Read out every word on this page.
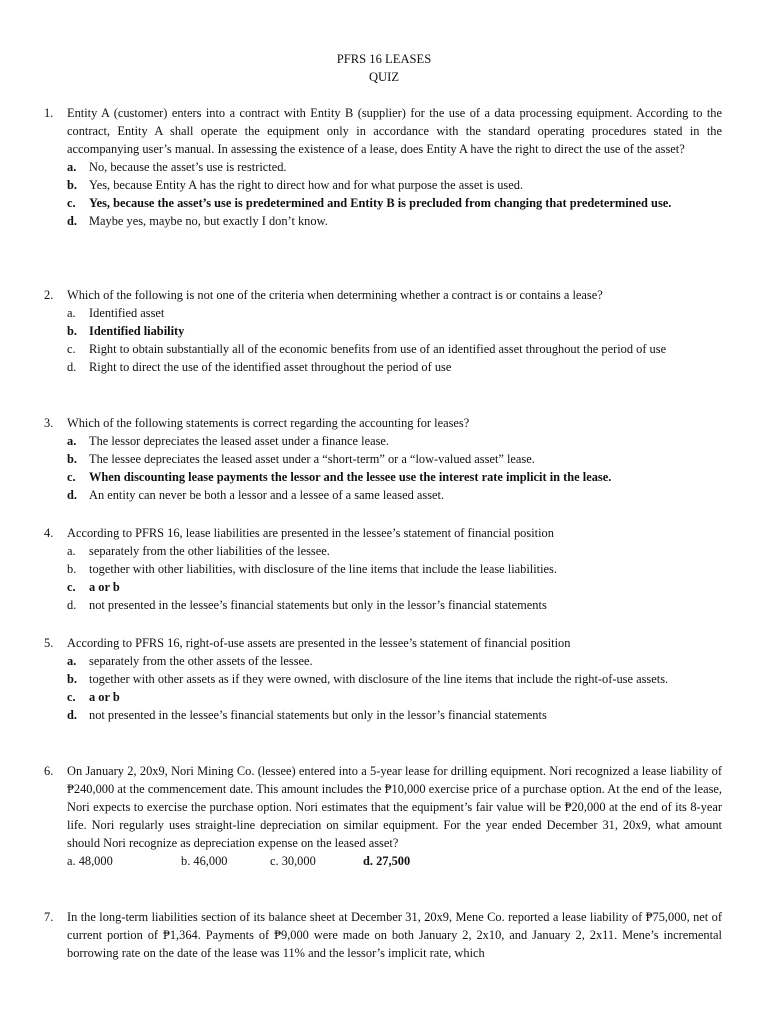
PFRS 16 LEASES
QUIZ
1.	Entity A (customer) enters into a contract with Entity B (supplier) for the use of a data processing equipment. According to the contract, Entity A shall operate the equipment only in accordance with the standard operating procedures stated in the accompanying user’s manual. In assessing the existence of a lease, does Entity A have the right to direct the use of the asset?
a. No, because the asset’s use is restricted.
b. Yes, because Entity A has the right to direct how and for what purpose the asset is used.
c. Yes, because the asset’s use is predetermined and Entity B is precluded from changing that predetermined use.
d. Maybe yes, maybe no, but exactly I don’t know.
2.	Which of the following is not one of the criteria when determining whether a contract is or contains a lease?
a. Identified asset
b. Identified liability
c. Right to obtain substantially all of the economic benefits from use of an identified asset throughout the period of use
d. Right to direct the use of the identified asset throughout the period of use
3.	Which of the following statements is correct regarding the accounting for leases?
a. The lessor depreciates the leased asset under a finance lease.
b. The lessee depreciates the leased asset under a “short-term” or a “low-valued asset” lease.
c. When discounting lease payments the lessor and the lessee use the interest rate implicit in the lease.
d. An entity can never be both a lessor and a lessee of a same leased asset.
4.	According to PFRS 16, lease liabilities are presented in the lessee’s statement of financial position
a. separately from the other liabilities of the lessee.
b. together with other liabilities, with disclosure of the line items that include the lease liabilities.
c. a or b
d. not presented in the lessee’s financial statements but only in the lessor’s financial statements
5.	According to PFRS 16, right-of-use assets are presented in the lessee’s statement of financial position
a. separately from the other assets of the lessee.
b. together with other assets as if they were owned, with disclosure of the line items that include the right-of-use assets.
c. a or b
d. not presented in the lessee’s financial statements but only in the lessor’s financial statements
6.	On January 2, 20x9, Nori Mining Co. (lessee) entered into a 5-year lease for drilling equipment. Nori recognized a lease liability of ₱240,000 at the commencement date. This amount includes the ₱10,000 exercise price of a purchase option. At the end of the lease, Nori expects to exercise the purchase option. Nori estimates that the equipment’s fair value will be ₱20,000 at the end of its 8-year life. Nori regularly uses straight-line depreciation on similar equipment. For the year ended December 31, 20x9, what amount should Nori recognize as depreciation expense on the leased asset?
a. 48,000	b. 46,000	c. 30,000	d. 27,500
7.	In the long-term liabilities section of its balance sheet at December 31, 20x9, Mene Co. reported a lease liability of ₱75,000, net of current portion of ₱1,364. Payments of ₱9,000 were made on both January 2, 2x10, and January 2, 2x11. Mene’s incremental borrowing rate on the date of the lease was 11% and the lessor’s implicit rate, which
